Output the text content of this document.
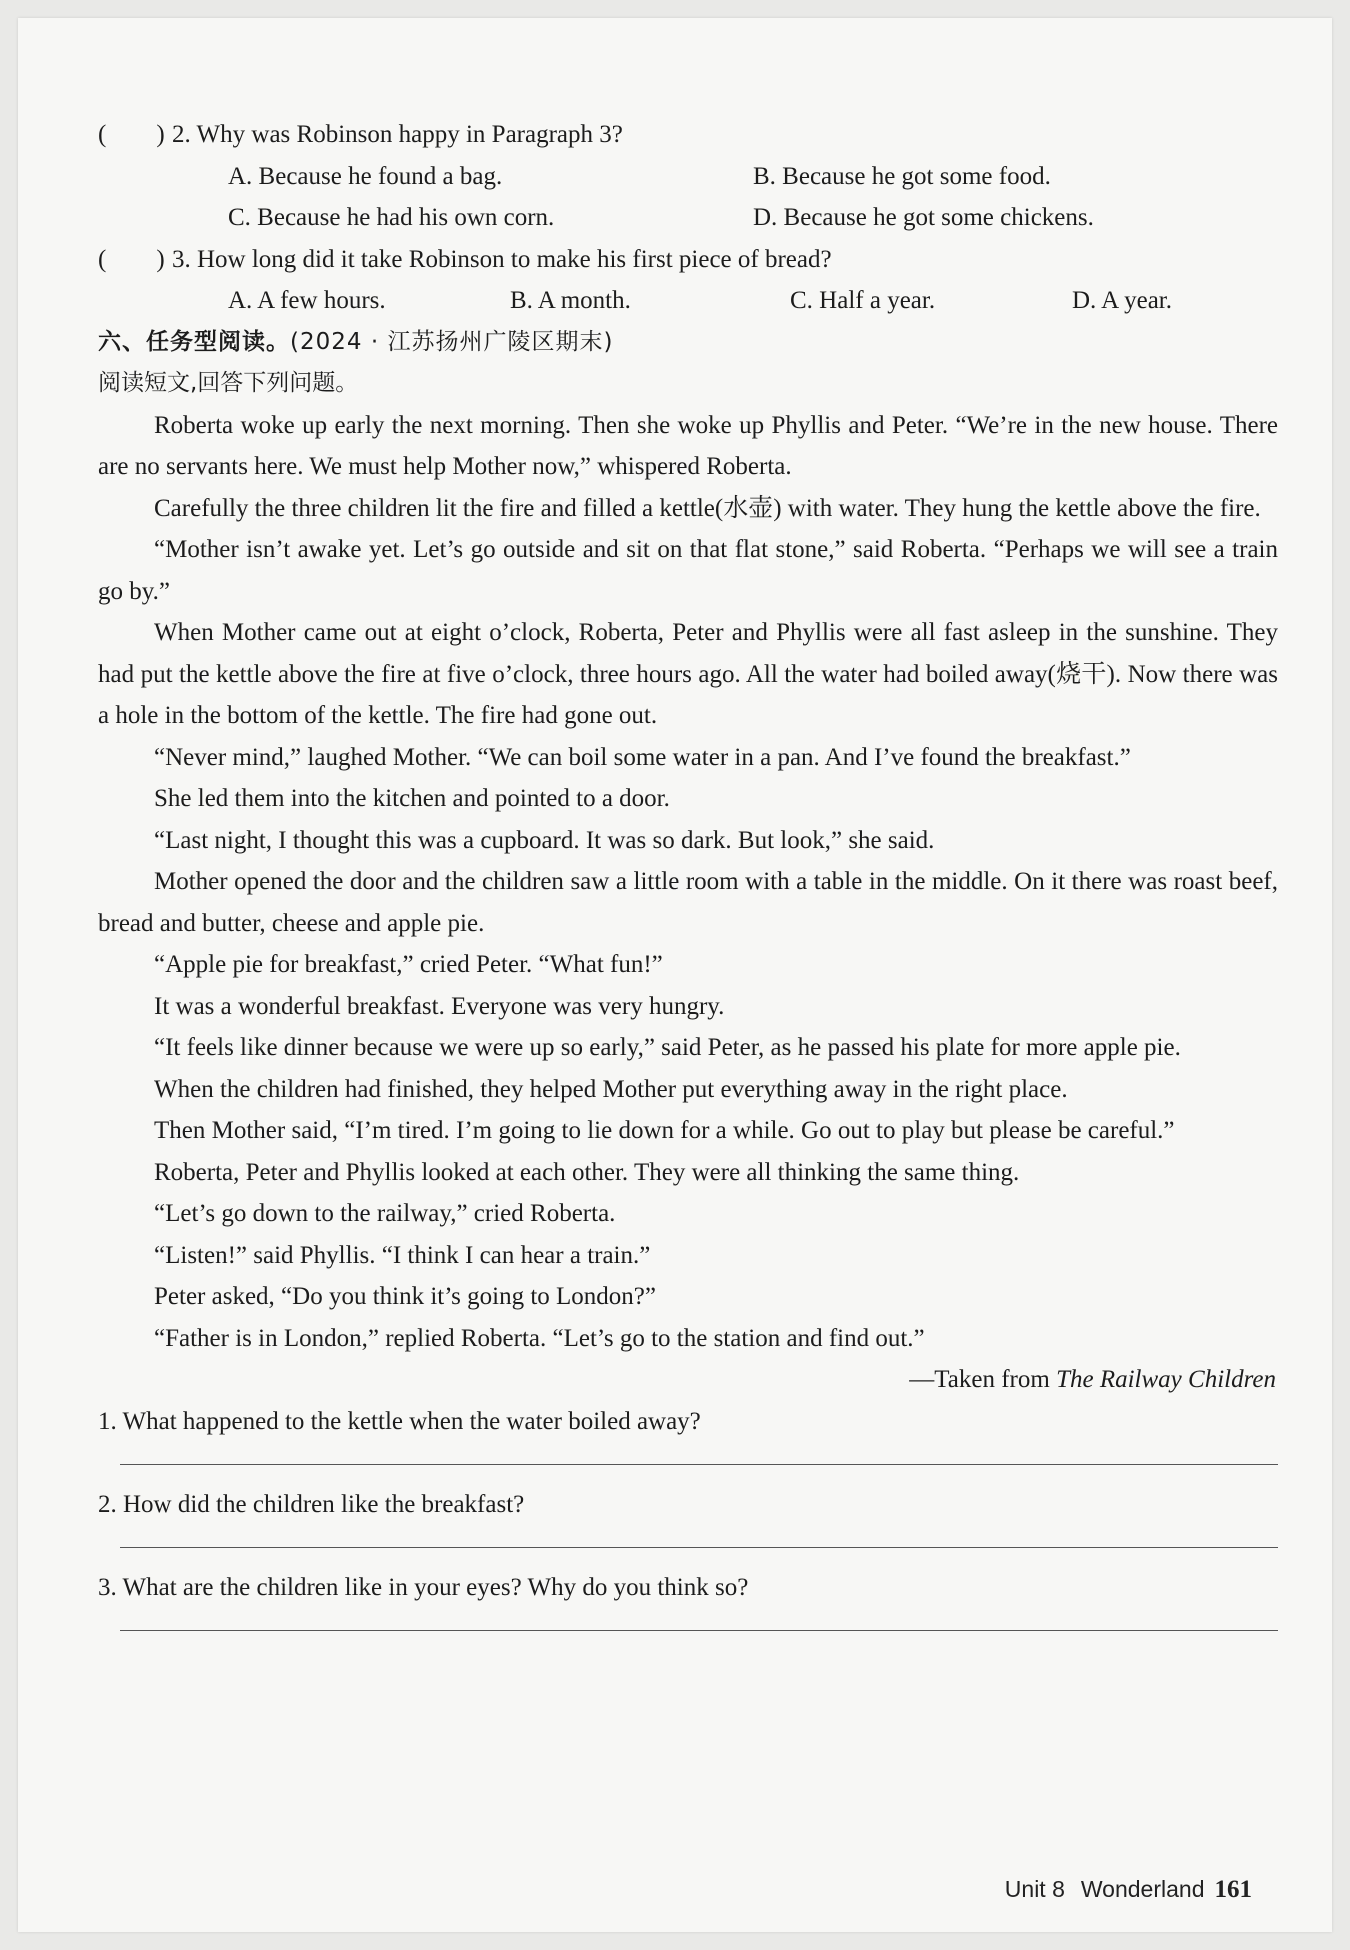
(　　) 2. Why was Robinson happy in Paragraph 3?
A. Because he found a bag.	B. Because he got some food.
C. Because he had his own corn.	D. Because he got some chickens.
(　　) 3. How long did it take Robinson to make his first piece of bread?
A. A few hours.	B. A month.	C. Half a year.	D. A year.
六、任务型阅读。(2024 · 江苏扬州广陵区期末)
阅读短文,回答下列问题。
Roberta woke up early the next morning. Then she woke up Phyllis and Peter. “We’re in the new house. There are no servants here. We must help Mother now,” whispered Roberta.
Carefully the three children lit the fire and filled a kettle(水壶) with water. They hung the kettle above the fire.
“Mother isn’t awake yet. Let’s go outside and sit on that flat stone,” said Roberta. “Perhaps we will see a train go by.”
When Mother came out at eight o’clock, Roberta, Peter and Phyllis were all fast asleep in the sunshine. They had put the kettle above the fire at five o’clock, three hours ago. All the water had boiled away(烧干). Now there was a hole in the bottom of the kettle. The fire had gone out.
“Never mind,” laughed Mother. “We can boil some water in a pan. And I’ve found the breakfast.”
She led them into the kitchen and pointed to a door.
“Last night, I thought this was a cupboard. It was so dark. But look,” she said.
Mother opened the door and the children saw a little room with a table in the middle. On it there was roast beef, bread and butter, cheese and apple pie.
“Apple pie for breakfast,” cried Peter. “What fun!”
It was a wonderful breakfast. Everyone was very hungry.
“It feels like dinner because we were up so early,” said Peter, as he passed his plate for more apple pie.
When the children had finished, they helped Mother put everything away in the right place.
Then Mother said, “I’m tired. I’m going to lie down for a while. Go out to play but please be careful.”
Roberta, Peter and Phyllis looked at each other. They were all thinking the same thing.
“Let’s go down to the railway,” cried Roberta.
“Listen!” said Phyllis. “I think I can hear a train.”
Peter asked, “Do you think it’s going to London?”
“Father is in London,” replied Roberta. “Let’s go to the station and find out.”
—Taken from The Railway Children
1. What happened to the kettle when the water boiled away?
2. How did the children like the breakfast?
3. What are the children like in your eyes? Why do you think so?
Unit 8 Wonderland 161
